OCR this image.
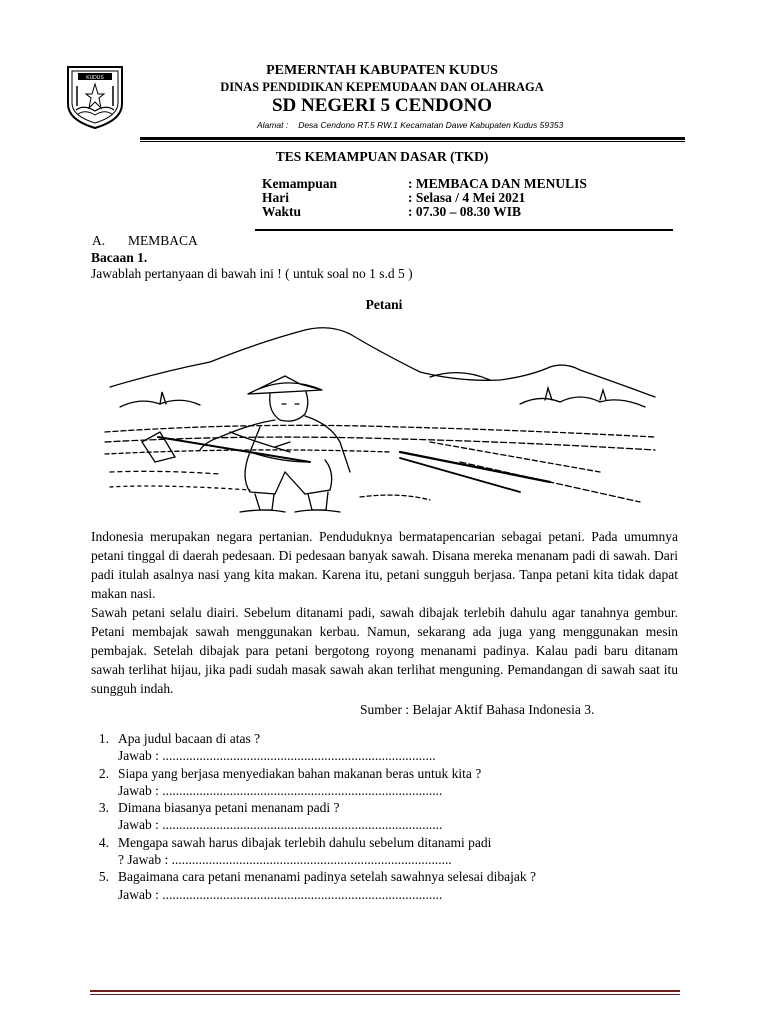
KUDUS	PEMERNTAH KABUPATEN KUDUS
DINAS PENDIDIKAN KEPEMUDAAN DAN OLAHRAGA
SD NEGERI 5 CENDONO
Alamat : Desa Cendono RT.5 RW.1 Kecamatan Dawe Kabupaten Kudus 59353
TES KEMAMPUAN DASAR (TKD)
Kemampuan	: MEMBACA DAN MENULIS
Hari	: Selasa / 4 Mei 2021
Waktu	: 07.30 – 08.30 WIB
A. MEMBACA
Bacaan 1.
Jawablah pertanyaan di bawah ini ! ( untuk soal no 1 s.d 5 )
Petani
Indonesia merupakan negara pertanian. Penduduknya bermatapencarian sebagai petani. Pada umumnya petani tinggal di daerah pedesaan. Di pedesaan banyak sawah. Disana mereka menanam padi di sawah. Dari padi itulah asalnya nasi yang kita makan. Karena itu, petani sungguh berjasa. Tanpa petani kita tidak dapat makan nasi.
Sawah petani selalu diairi. Sebelum ditanami padi, sawah dibajak terlebih dahulu agar tanahnya gembur. Petani membajak sawah menggunakan kerbau. Namun, sekarang ada juga yang menggunakan mesin pembajak. Setelah dibajak para petani bergotong royong menanami padinya. Kalau padi baru ditanam sawah terlihat hijau, jika padi sudah masak sawah akan terlihat menguning. Pemandangan di sawah saat itu sungguh indah.
Sumber : Belajar Aktif Bahasa Indonesia 3.
1. Apa judul bacaan di atas ?
Jawab : .................................................................................
2. Siapa yang berjasa menyediakan bahan makanan beras untuk kita ?
Jawab : ...................................................................................
3. Dimana biasanya petani menanam padi ?
Jawab : ...................................................................................
4. Mengapa sawah harus dibajak terlebih dahulu sebelum ditanami padi
? Jawab : ...................................................................................
5. Bagaimana cara petani menanami padinya setelah sawahnya selesai dibajak ?
Jawab : ...................................................................................
